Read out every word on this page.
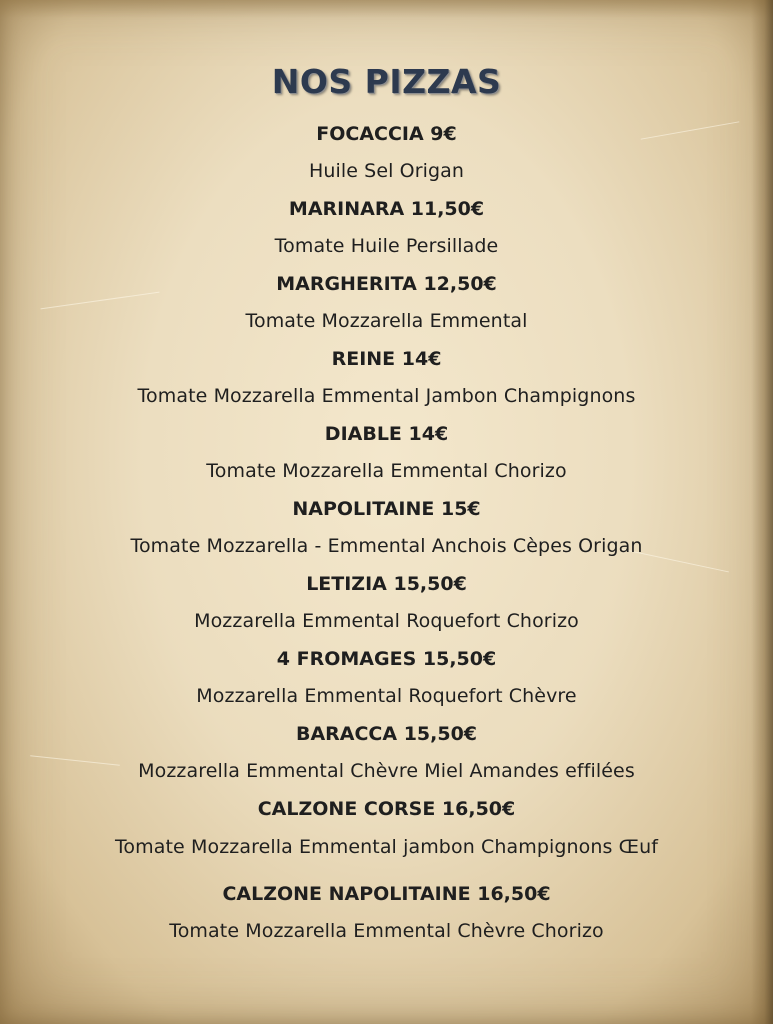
NOS PIZZAS
FOCACCIA 9€
Huile Sel Origan
MARINARA 11,50€
Tomate Huile Persillade
MARGHERITA 12,50€
Tomate Mozzarella Emmental
REINE 14€
Tomate Mozzarella Emmental Jambon Champignons
DIABLE 14€
Tomate Mozzarella Emmental Chorizo
NAPOLITAINE 15€
Tomate Mozzarella - Emmental Anchois Cèpes Origan
LETIZIA 15,50€
Mozzarella Emmental Roquefort Chorizo
4 FROMAGES 15,50€
Mozzarella Emmental Roquefort Chèvre
BARACCA 15,50€
Mozzarella Emmental Chèvre Miel Amandes effilées
CALZONE CORSE 16,50€
Tomate Mozzarella Emmental jambon Champignons Œuf
CALZONE NAPOLITAINE 16,50€
Tomate Mozzarella Emmental Chèvre Chorizo
